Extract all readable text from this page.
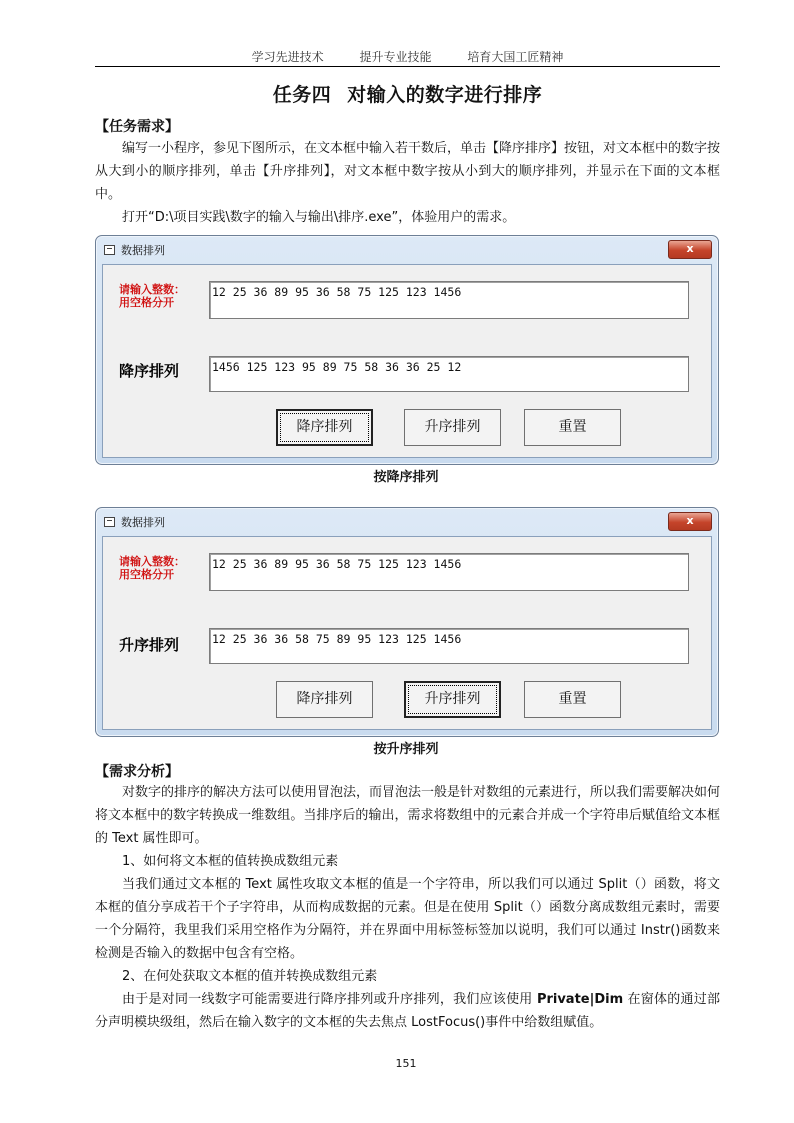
学习先进技术	提升专业技能	培育大国工匠精神
任务四 对输入的数字进行排序
【任务需求】

编写一小程序，参见下图所示，在文本框中输入若干数后，单击【降序排序】按钮，对文本框中的数字按从大到小的顺序排列，单击【升序排列】，对文本框中数字按从小到大的顺序排列，并显示在下面的文本框中。

打开“D:\项目实践\数字的输入与输出\排序.exe”，体验用户的需求。

数据排列	x
请输入整数：
用空格分开
12 25 36 89 95 36 58 75 125 123 1456
降序排列	1456 125 123 95 89 75 58 36 36 25 12
降序排列	升序排列	重置
按降序排列
数据排列	x
请输入整数：
用空格分开
12 25 36 89 95 36 58 75 125 123 1456
升序排列	12 25 36 36 58 75 89 95 123 125 1456
降序排列	升序排列	重置
按升序排列
【需求分析】

对数字的排序的解决方法可以使用冒泡法，而冒泡法一般是针对数组的元素进行，所以我们需要解决如何将文本框中的数字转换成一维数组。当排序后的输出，需求将数组中的元素合并成一个字符串后赋值给文本框的 Text 属性即可。

1、如何将文本框的值转换成数组元素

当我们通过文本框的 Text 属性攻取文本框的值是一个字符串，所以我们可以通过 Split（）函数，将文本框的值分享成若干个子字符串，从而构成数据的元素。但是在使用 Split（）函数分离成数组元素时，需要一个分隔符，我里我们采用空格作为分隔符，并在界面中用标签标签加以说明，我们可以通过 Instr()函数来检测是否输入的数据中包含有空格。

2、在何处获取文本框的值并转换成数组元素

由于是对同一线数字可能需要进行降序排列或升序排列，我们应该使用 Private|Dim 在窗体的通过部分声明模块级组，然后在输入数字的文本框的失去焦点 LostFocus()事件中给数组赋值。

151
